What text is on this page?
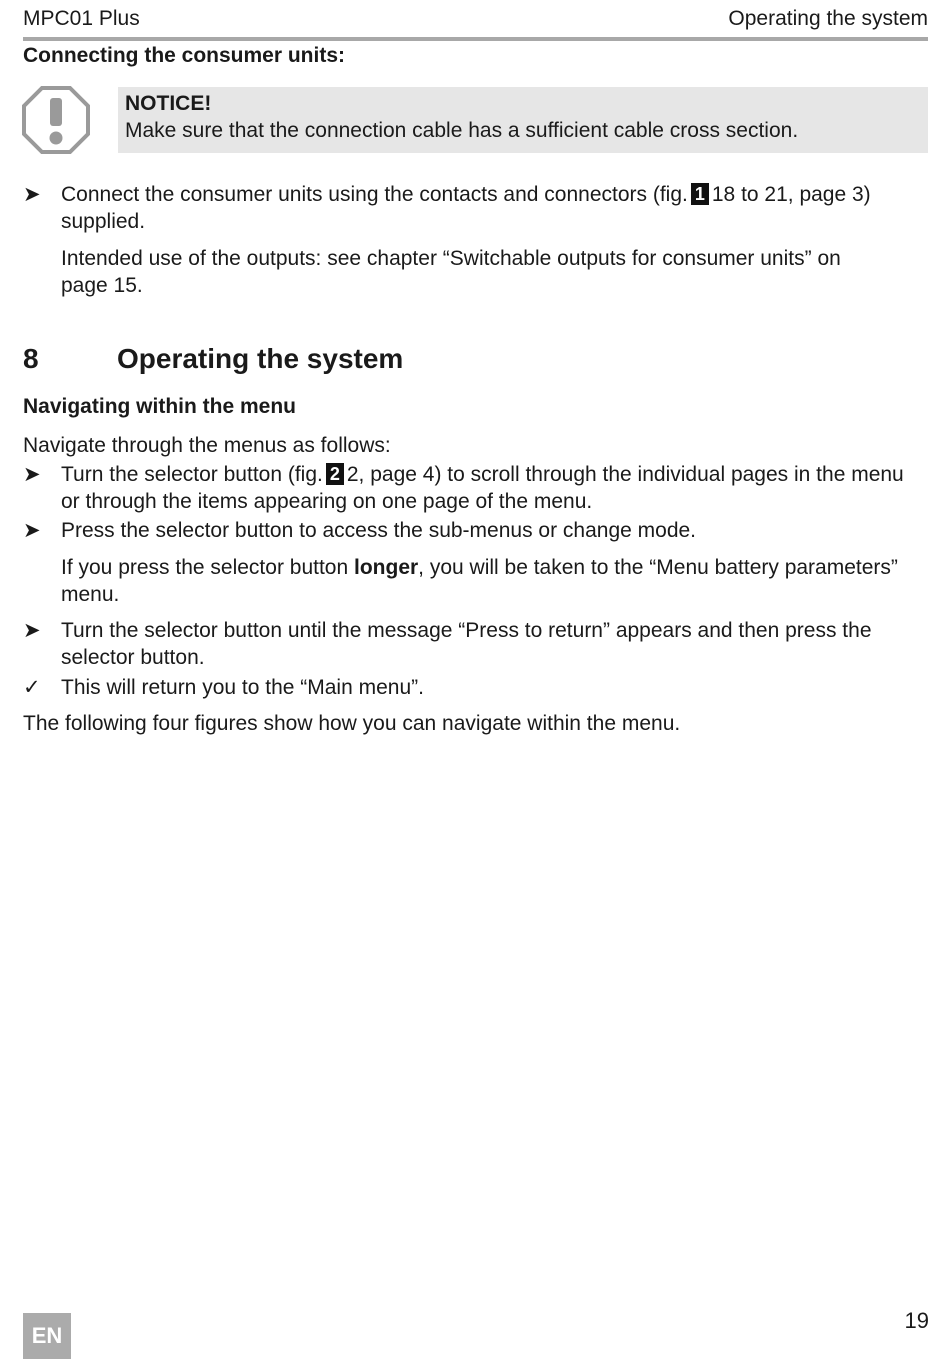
MPC01 Plus	Operating the system
Connecting the consumer units:
NOTICE!
Make sure that the connection cable has a sufficient cable cross section.
➤ Connect the consumer units using the contacts and connectors (fig. 1 18 to 21, page 3)
supplied.
Intended use of the outputs: see chapter “Switchable outputs for consumer units” on
page 15.
8	Operating the system
Navigating within the menu
Navigate through the menus as follows:
➤ Turn the selector button (fig. 2 2, page 4) to scroll through the individual pages in the menu
or through the items appearing on one page of the menu.
➤ Press the selector button to access the sub-menus or change mode.
If you press the selector button longer, you will be taken to the “Menu battery parameters”
menu.
➤ Turn the selector button until the message “Press to return” appears and then press the
selector button.
✓ This will return you to the “Main menu”.
The following four figures show how you can navigate within the menu.
EN
19
